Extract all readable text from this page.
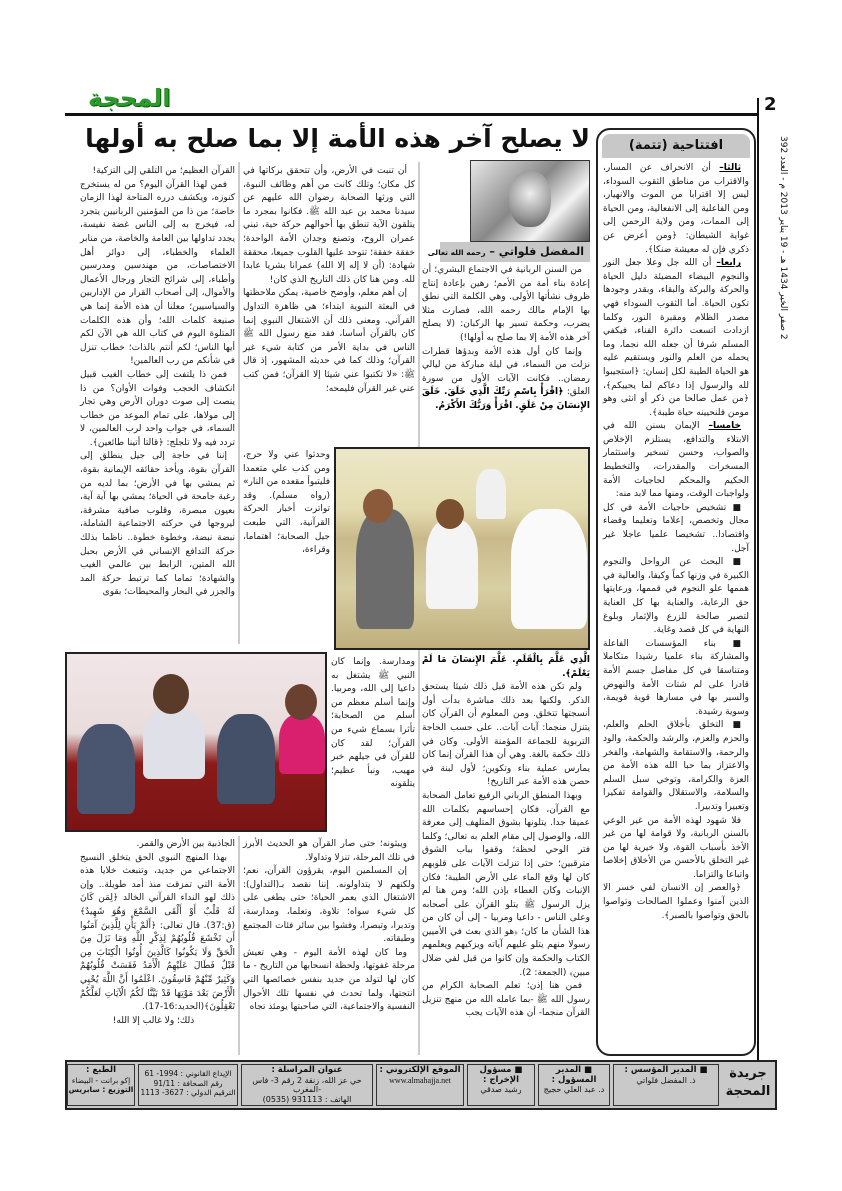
المحجة	2
2 صفر الخير 1434 هـ - 19 يناير 2013 م - العدد 392
لا يصلح آخر هذه الأمة إلا بما صلح به أولها	افتتاحية (تتمة)

ثالثا– أن الانحراف عن المسار، والاقتراب من مناطق الثقوب السوداء، ليس إلا اقترابا من الموت والانهيار، ومن الفاعلية إلى الانفعالية، ومن الحياة إلى الممات، ومن ولاية الرحمن إلى غواية الشيطان: ﴿ومن أعرض عن ذكري فإن له معيشة ضنكا﴾.

رابعا– أن الله جل وعلا جعل النور والنجوم البيضاء المضيئة دليل الحياة والحركة والبركة والبقاء، وبقدر وجودها تكون الحياة. أما الثقوب السوداء فهي مصدر الظلام ومقبرة النور، وكلما ازدادت اتسعت دائرة الفناء، فيكفي المسلم شرفا أن جعله الله نجما، وما يحمله من العلم والنور ويستقيم عليه هو الحياة الطيبة لكل إنسان: ﴿استجيبوا لله والرسول إذا دعاكم لما يحييكم﴾، ﴿من عمل صالحا من ذكر أو انثى وهو مومن فلنحيينه حياة طيبة﴾.

خامسا– الإيمان بسنن الله في الابتلاء والتدافع، يستلزم الإخلاص والصواب، وحسن تسخير واستثمار المسخرات والمقدرات، والتخطيط الحكيم والمحكم لحاجيات الأمة ولواجبات الوقت، ومنها مما لابد منه:

■ تشخيص حاجيات الأمة في كل مجال وتخصص، إعلاما وتعليما وقضاء واقتصادا.. تشخيصا علميا عاجلا غير آجل.

■ البحث عن الرواحل والنجوم الكبيرة في وزنها كماً وكيفا، والعالية في هممها علو النجوم في قممها، ورعايتها حق الرعاية، والعناية بها كل العناية لتصير صالحة للزرع والإثمار وبلوغ النهاية في كل قصد وغاية.

■ بناء المؤسسات الفاعلة والمشاركة بناء علميا رشيدا متكاملا ومتناسقا في كل مفاصل جسم الأمة قادرا على لم شتات الأمة والنهوض والسير بها في مسارها قوية قويمة، وسوية رشيدة.

■ التخلق بأخلاق الحلم والعلم، والحزم والعزم، والرشد والحكمة، والود والرحمة، والاستقامة والشهامة، والفخر والاعتزاز بما حبا الله هذه الأمة من العزة والكرامة، وتوخي سبل السلم والسلامة، والاستقلال والقوامة تفكيرا وتعبيرا وتدبيرا.

فلا شهود لهذه الأمة من غير الوعي بالسنن الربانية، ولا قوامة لها من غير الأخذ بأسباب القوة، ولا خيرية لها من غير التخلق بالأحسن من الأخلاق إخلاصا واتباعا والتزاما.

﴿والعصر إن الانسان لفي خسر الا الذين آمنوا وعملوا الصالحات وتواصوا بالحق وتواصوا بالصبر﴾.

المفضل فلواتي – رحمه الله تعالى

من السنن الربانية في الاجتماع البشري؛ أن إعادة بناء أمة من الأمم؛ رهين بإعادة إنتاج ظروف نشأتها الأولى. وهي الكلمة التي نطق بها الإمام مالك رحمه الله، فصارت مثلا يضرب، وحكمة تسير بها الركبان: (لا يصلح آخر هذه الأمة إلا بما صلح به أولها!)

وإنما كان أول هذه الأمة وبدؤها قطرات نزلت من السماء، في ليلة مباركة من ليالي رمضان.. فكانت الآيات الأول من سورة العلق: ﴿اقْرَأْ بِاسْمِ رَبِّكَ الَّذِي خَلَقَ. خَلَقَ الإِنسَانَ مِنْ عَلَقٍ. اقْرَأْ وَرَبُّكَ الأَكْرَمُ.

الَّذِي عَلَّمَ بِالْقَلَمِ. عَلَّمَ الإِنسَانَ مَا لَمْ يَعْلَمْ﴾.

ولم تكن هذه الأمة قبل ذلك شيئا يستحق الذكر. ولكنها بعد ذلك مباشرة بدأت أول أنسجتها تتخلق. ومن المعلوم أن القرآن كان يتنزل منجما: آيات آيات.. على حسب الحاجة التربوية للجماعة المؤمنة الأولى. وكان في ذلك حكمة بالغة. وهي أن هذا القرآن إنما كان يمارس عملية بناء وتكوين؛ لأول لبنة في حصن هذه الأمة عبر التاريخ!

وبهذا المنطق الرباني الرفيع تعامل الصحابة مع القرآن، فكان إحساسهم بكلمات الله عميقا جدا. يتلونها بشوق المتلهف إلى معرفة الله، والوصول إلى مقام العلم به تعالى؛ وكلما فتر الوحي لحظة؛ وقفوا بباب الشوق مترقبين؛ حتى إذا تنزلت الآيات على قلوبهم كان لها وقع الماء على الأرض الطيبة؛ فكان الإنبات وكان العطاء بإذن الله؛ ومن هنا لم يزل الرسول ﷺ يتلو القرآن على أصحابه وعلى الناس - داعيا ومربيا - إلى أن كان من هذا الشأن ما كان؛ ﴿هو الذي بعث في الأميين رسولا منهم يتلو عليهم آياته ويزكيهم ويعلمهم الكتاب والحكمة وإن كانوا من قبل لفي ضلال مبين﴾ (الجمعة: 2).

فمن هنا إذن؛ تعلم الصحابة الكرام من رسول الله ﷺ -بما عامله الله من منهج تنزيل القرآن منجما- أن هذه الآيات يجب

أن تنبت في الأرض، وأن تتحقق بركاتها في كل مكان؛ وتلك كانت من أهم وظائف النبوة، التي ورثها الصحابة رضوان الله عليهم عن سيدنا محمد بن عبد الله ﷺ. فكانوا بمجرد ما يتلقون الآية تنطق بها أحوالهم حركة حية، تبني عمران الروح، وتصنع وجدان الأمة الواحدة؛ خفقة خفقة؛ تتوحد عليها القلوب جميعا، محققة شهادة: (أن لا إله إلا الله) عمرانا بشريا عابدا لله. ومن هنا كان ذلك التاريخ الذي كان!

إن أهم معلم، وأوضح خاصية، يمكن ملاحظتها في البعثة النبوية ابتداء؛ هي ظاهرة التداول القرآني. ومعنى ذلك أن الاشتغال النبوي إنما كان بالقرآن أساسا، فقد منع رسول الله ﷺ الناس في بداية الأمر من كتابة شيء غير القرآن؛ وذلك كما في حديثه المشهور، إذ قال ﷺ: «لا تكتبوا عني شيئا إلا القرآن؛ فمن كتب عني غير القرآن فليمحه؛

وحدثوا عني ولا حرج، ومن كذب علي متعمدا فليتبوأ مقعده من النار» (رواه مسلم). وقد تواترت أخبار الحركة القرآنية، التي طبعت جيل الصحابة؛ اهتماما، وقراءة،
ومدارسة. وإنما كان النبي ﷺ يشتغل به داعيا إلى الله، ومربيا. وإنما أسلم معظم من أسلم من الصحابة؛ تأثرا بسماع شيء من القرآن؛ لقد كان للقرآن في جيلهم خبر مهيب، ونبأ عظيم؛ يتلقونه

ويبثونه؛ حتى صار القرآن هو الحديث الأبرز في تلك المرحلة، تنزلا وتداولا.

إن المسلمين اليوم، يقرؤون القرآن، نعم؛ ولكنهم لا يتداولونه. إننا نقصد بـ(التداول): الاشتغال الذي يعمر الحياة؛ حتى يطغى على كل شيء سواه؛ تلاوة، وتعلما، ومدارسة، وتدبرا، وتبصرا، وفشوا بين سائر فئات المجتمع وطبقاته.

وما كان لهذه الأمة اليوم - وهي تعيش مرحلة غفوتها، ولحظة انسحابها من التاريخ - ما كان لها لتولد من جديد بنفس خصائصها التي انتجتها، ولما تحدث في نفسها تلك الأحوال النفسية والاجتماعية، التي صاحبتها يومئذ تجاه

القرآن العظيم؛ من التلقي إلى التزكية!

فمن لهذا القرآن اليوم؟ من له يستخرج كنوزه، ويكشف درره المتاحة لهذا الزمان خاصة؛ من ذا من المؤمنين الربانيين يتجرد له، فيخرج به إلى الناس غضة نفيسة، يجدد تداولها بين العامة والخاصة، من منابر العلماء والخطباء، إلى دوائر أهل الاختصاصات، من مهندسين ومدرسين وأطباء، إلى شرائح التجار ورجال الأعمال والأموال، إلى أصحاب القرار من الإداريين والسياسيين؛ معلنا أن هذه الأمة إنما هي صنيعة كلمات الله؛ وأن هذه الكلمات المتلوة اليوم في كتاب الله هي الآن لكم أيها الناس؛ لكم أنتم بالذات؛ خطاب تنزل في شأنكم من رب العالمين!

فمن ذا يلتفت إلى خطاب الغيب قبيل انكشاف الحجب وفوات الأوان؟ من ذا ينصت إلى صوت دوران الأرض وهي تجار إلى مولاها، على تمام الموعد من خطاب السماء، في جواب واحد لرب العالمين، لا تردد فيه ولا تلجلج: ﴿قالتا أتينا طائعين﴾.

إننا في حاجة إلى جيل ينطلق إلى القرآن بقوة، ويأخذ حقائقه الإيمانية بقوة، ثم يمشي بها في الأرض؛ بما لديه من رغبة جامحة في الحياة؛ يمشي بها آية آية، بعيون مبصرة، وقلوب صافية مشرقة، ليروجها في حركته الاجتماعية الشاملة، نبضة نبضة، وخطوة خطوة.. ناظما بذلك حركة التدافع الإنساني في الأرض بحبل الله المتين، الرابط بين عالمي الغيب والشهادة؛ تماما كما ترتبط حركة المد والجزر في البحار والمحيطات؛ بقوى

الجاذبية بين الأرض والقمر.

بهذا المنهج النبوي الحق يتخلق النسيج الاجتماعي من جديد، وتنبعث خلايا هذه الأمة التي تمزقت منذ أمد طويلة.. وإن ذلك لهو النداء القرآني الخالد ﴿لِمَن كَانَ لَهُ قَلْبٌ أَوْ أَلْقَى السَّمْعَ وَهُوَ شَهِيدٌ﴾(ق:37). قال تعالى: ﴿أَلَمْ يَأْنِ لِلَّذِينَ آمَنُوا أَن تَخْشَعَ قُلُوبُهُمْ لِذِكْرِ اللَّهِ وَمَا نَزَلَ مِنَ الْحَقِّ وَلَا يَكُونُوا كَالَّذِينَ أُوتُوا الْكِتَابَ مِن قَبْلُ فَطَالَ عَلَيْهِمُ الْأَمَدُ فَقَسَتْ قُلُوبُهُمْ وَكَثِيرٌ مِّنْهُمْ فَاسِقُونَ. اعْلَمُوا أَنَّ اللَّهَ يُحْيِي الْأَرْضَ بَعْدَ مَوْتِهَا قَدْ بَيَّنَّا لَكُمُ الْآيَاتِ لَعَلَّكُمْ تَعْقِلُونَ﴾(الحديد:16-17).

ذلك؛ ولا غالب إلا الله!

جريدة
المحجة
■ المدير المؤسس :
ذ. المفضل فلواتي
■ المدير المسؤول :
د. عبد العلي حجيج
■ مسؤول الإخراج :
رشيد صدقي
الموقع الإلكتروني :
www.almahajja.net
عنوان المراسلة :
حي عز الله، زنقة 2 رقم 3- فاس -المغرب
الهاتف : 931113 (0535)
الإيداع القانوني : 1994- 61
رقم الصحافة : 91/11
الترقيم الدولي : 3627- 1113
الطبع :
إكو برانت - البيضاء
التوزيع : سابريس
